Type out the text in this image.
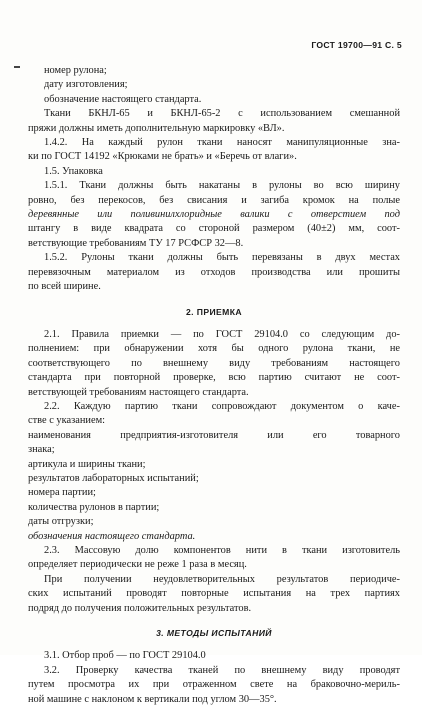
ГОСТ 19700—91 С. 5
номер рулона;
дату изготовления;
обозначение настоящего стандарта.
Ткани БКНЛ-65 и БКНЛ-65-2 с использованием смешанной
пряжи должны иметь дополнительную маркировку «ВЛ».
1.4.2. На каждый рулон ткани наносят манипуляционные зна-
ки по ГОСТ 14192 «Крюками не брать» и «Беречь от влаги».
1.5. Упаковка
1.5.1. Ткани должны быть накатаны в рулоны во всю ширину
ровно, без перекосов, без свисания и загиба кромок на полые
деревянные или поливинилхлоридные валики с отверстием под
штангу в виде квадрата со стороной размером (40±2) мм, соот-
ветствующие требованиям ТУ 17 РСФСР 32—8.
1.5.2. Рулоны ткани должны быть перевязаны в двух местах
перевязочным материалом из отходов производства или прошиты
по всей ширине.
2. ПРИЕМКА
2.1. Правила приемки — по ГОСТ 29104.0 со следующим до-
полнением: при обнаружении хотя бы одного рулона ткани, не
соответствующего по внешнему виду требованиям настоящего
стандарта при повторной проверке, всю партию считают не соот-
ветствующей требованиям настоящего стандарта.
2.2. Каждую партию ткани сопровождают документом о каче-
стве с указанием:
наименования предприятия-изготовителя или его товарного
знака;
артикула и ширины ткани;
результатов лабораторных испытаний;
номера партии;
количества рулонов в партии;
даты отгрузки;
обозначения настоящего стандарта.
2.3. Массовую долю компонентов нити в ткани изготовитель
определяет периодически не реже 1 раза в месяц.
При получении неудовлетворительных результатов периодиче-
ских испытаний проводят повторные испытания на трех партиях
подряд до получения положительных результатов.
3. МЕТОДЫ ИСПЫТАНИЙ
3.1. Отбор проб — по ГОСТ 29104.0
3.2. Проверку качества тканей по внешнему виду проводят
путем просмотра их при отраженном свете на браковочно-мериль-
ной машине с наклоном к вертикали под углом 30—35°.
